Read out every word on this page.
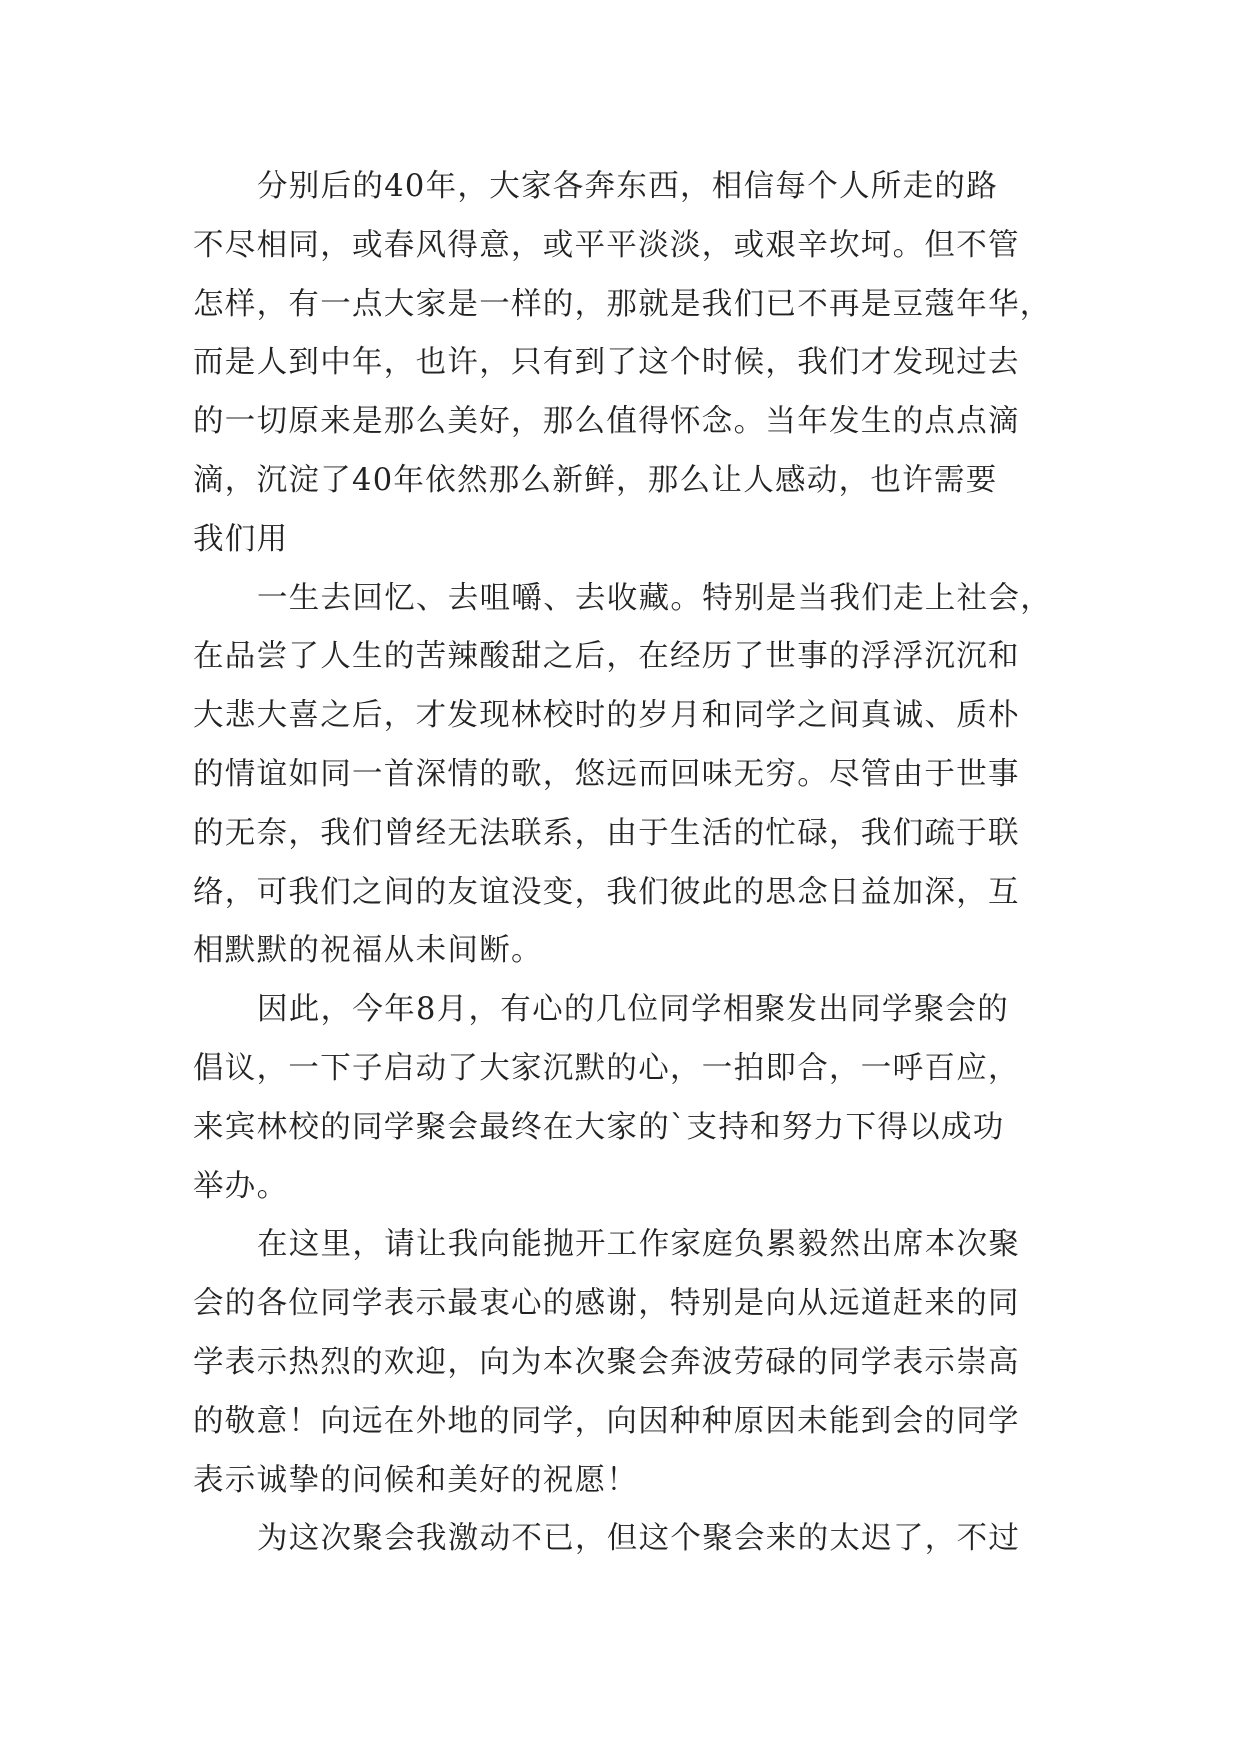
分别后的40年，大家各奔东西，相信每个人所走的路
不尽相同，或春风得意，或平平淡淡，或艰辛坎坷。但不管
怎样，有一点大家是一样的，那就是我们已不再是豆蔻年华，
而是人到中年，也许，只有到了这个时候，我们才发现过去
的一切原来是那么美好，那么值得怀念。当年发生的点点滴
滴，沉淀了40年依然那么新鲜，那么让人感动，也许需要
我们用
一生去回忆、去咀嚼、去收藏。特别是当我们走上社会，
在品尝了人生的苦辣酸甜之后，在经历了世事的浮浮沉沉和
大悲大喜之后，才发现林校时的岁月和同学之间真诚、质朴
的情谊如同一首深情的歌，悠远而回味无穷。尽管由于世事
的无奈，我们曾经无法联系，由于生活的忙碌，我们疏于联
络，可我们之间的友谊没变，我们彼此的思念日益加深，互
相默默的祝福从未间断。
因此，今年8月，有心的几位同学相聚发出同学聚会的
倡议，一下子启动了大家沉默的心，一拍即合，一呼百应，
来宾林校的同学聚会最终在大家的`支持和努力下得以成功
举办。
在这里，请让我向能抛开工作家庭负累毅然出席本次聚
会的各位同学表示最衷心的感谢，特别是向从远道赶来的同
学表示热烈的欢迎，向为本次聚会奔波劳碌的同学表示崇高
的敬意！向远在外地的同学，向因种种原因未能到会的同学
表示诚挚的问候和美好的祝愿！
为这次聚会我激动不已，但这个聚会来的太迟了，不过
